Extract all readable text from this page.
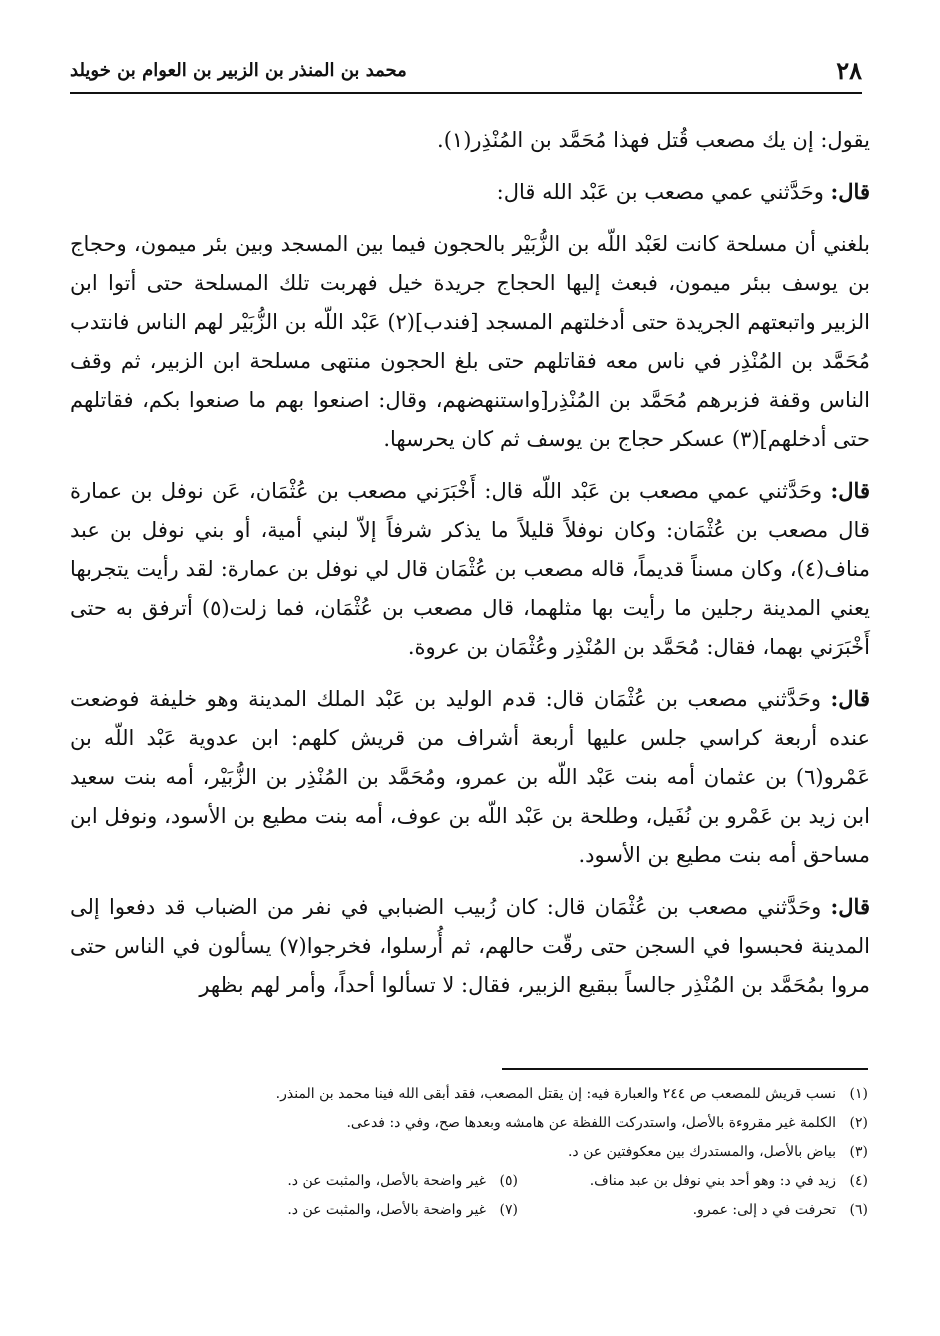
٢٨
محمد بن المنذر بن الزبير بن العوام بن خويلد

يقول: إن يك مصعب قُتل فهذا مُحَمَّد بن المُنْذِر(١).

قال: وحَدَّثني عمي مصعب بن عَبْد الله قال:

بلغني أن مسلحة كانت لعَبْد اللّه بن الزُّبَيْر بالحجون فيما بين المسجد وبين بئر ميمون، وحجاج بن يوسف ببئر ميمون، فبعث إليها الحجاج جريدة خيل فهربت تلك المسلحة حتى أتوا ابن الزبير واتبعتهم الجريدة حتى أدخلتهم المسجد [فندب](٢) عَبْد اللّه بن الزُّبَيْر لهم الناس فانتدب مُحَمَّد بن المُنْذِر في ناس معه فقاتلهم حتى بلغ الحجون منتهى مسلحة ابن الزبير، ثم وقف الناس وقفة فزبرهم مُحَمَّد بن المُنْذِر[واستنهضهم، وقال: اصنعوا بهم ما صنعوا بكم، فقاتلهم حتى أدخلهم](٣) عسكر حجاج بن يوسف ثم كان يحرسها.

قال: وحَدَّثني عمي مصعب بن عَبْد اللّه قال: أَخْبَرَني مصعب بن عُثْمَان، عَن نوفل بن عمارة قال مصعب بن عُثْمَان: وكان نوفلاً قليلاً ما يذكر شرفاً إلاّ لبني أمية، أو بني نوفل بن عبد مناف(٤)، وكان مسناً قديماً، قاله مصعب بن عُثْمَان قال لي نوفل بن عمارة: لقد رأيت يتجربها يعني المدينة رجلين ما رأيت بها مثلهما، قال مصعب بن عُثْمَان، فما زلت(٥) أترفق به حتى أَخْبَرَني بهما، فقال: مُحَمَّد بن المُنْذِر وعُثْمَان بن عروة.

قال: وحَدَّثني مصعب بن عُثْمَان قال: قدم الوليد بن عَبْد الملك المدينة وهو خليفة فوضعت عنده أربعة كراسي جلس عليها أربعة أشراف من قريش كلهم: ابن عدوية عَبْد اللّه بن عَمْرو(٦) بن عثمان أمه بنت عَبْد اللّه بن عمرو، ومُحَمَّد بن المُنْذِر بن الزُّبَيْر، أمه بنت سعيد ابن زيد بن عَمْرو بن نُفَيل، وطلحة بن عَبْد اللّه بن عوف، أمه بنت مطيع بن الأسود، ونوفل ابن مساحق أمه بنت مطيع بن الأسود.

قال: وحَدَّثني مصعب بن عُثْمَان قال: كان زُبيب الضبابي في نفر من الضباب قد دفعوا إلى المدينة فحبسوا في السجن حتى رقّت حالهم، ثم أُرسلوا، فخرجوا(٧) يسألون في الناس حتى مروا بمُحَمَّد بن المُنْذِر جالساً ببقيع الزبير، فقال: لا تسألوا أحداً، وأمر لهم بظهر

(١)
نسب قريش للمصعب ص ٢٤٤ والعبارة فيه: إن يقتل المصعب، فقد أبقى الله فينا محمد بن المنذر.
(٢)
الكلمة غير مقروءة بالأصل، واستدركت اللفظة عن هامشه وبعدها صح، وفي د: فدعى.
(٣)
بياض بالأصل، والمستدرك بين معكوفتين عن د.
(٤)
زيد في د: وهو أحد بني نوفل بن عبد مناف.
(٥)
غير واضحة بالأصل، والمثبت عن د.
(٦)
تحرفت في د إلى: عمرو.
(٧)
غير واضحة بالأصل، والمثبت عن د.
